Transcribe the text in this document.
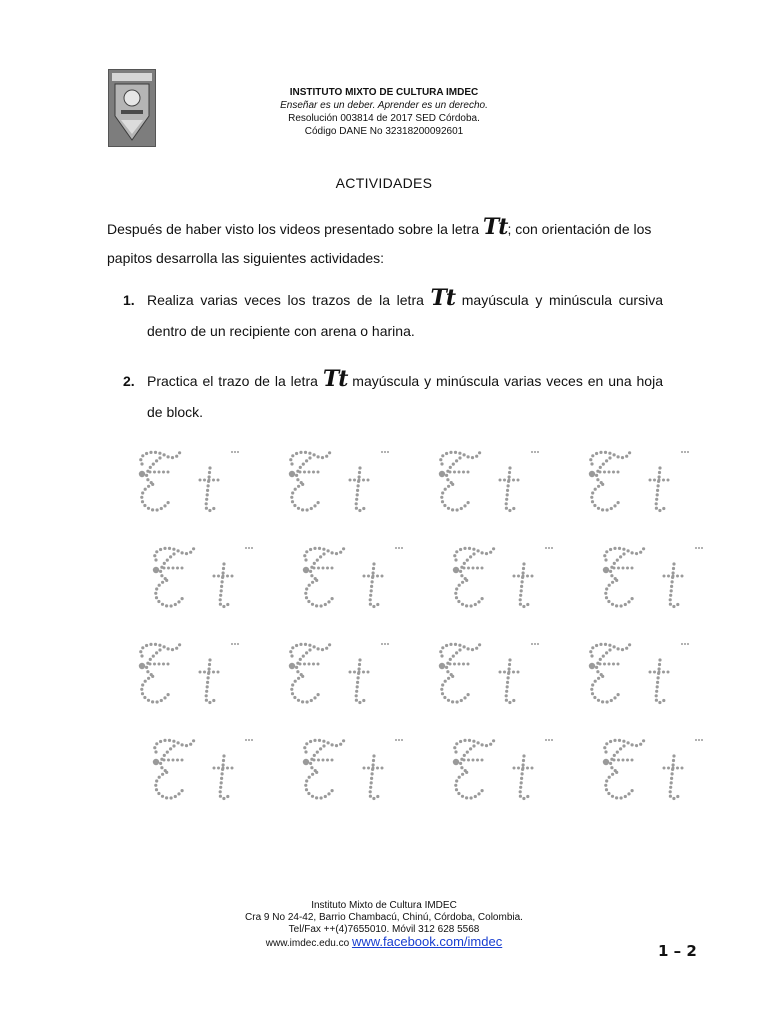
INSTITUTO MIXTO DE CULTURA IMDEC
Enseñar es un deber. Aprender es un derecho.
Resolución 003814 de 2017 SED Córdoba.
Código DANE No 32318200092601
ACTIVIDADES
Después de haber visto los videos presentado sobre la letra Tt; con orientación de los papitos desarrolla las siguientes actividades:
1. Realiza varias veces los trazos de la letra Tt mayúscula y minúscula cursiva dentro de un recipiente con arena o harina.
2. Practica el trazo de la letra Tt mayúscula y minúscula varias veces en una hoja de block.
Instituto Mixto de Cultura IMDEC
Cra 9 No 24-42, Barrio Chambacú, Chinú, Córdoba, Colombia.
Tel/Fax ++(4)7655010. Móvil 312 628 5568
www.imdec.edu.co www.facebook.com/imdec
1 – 2
